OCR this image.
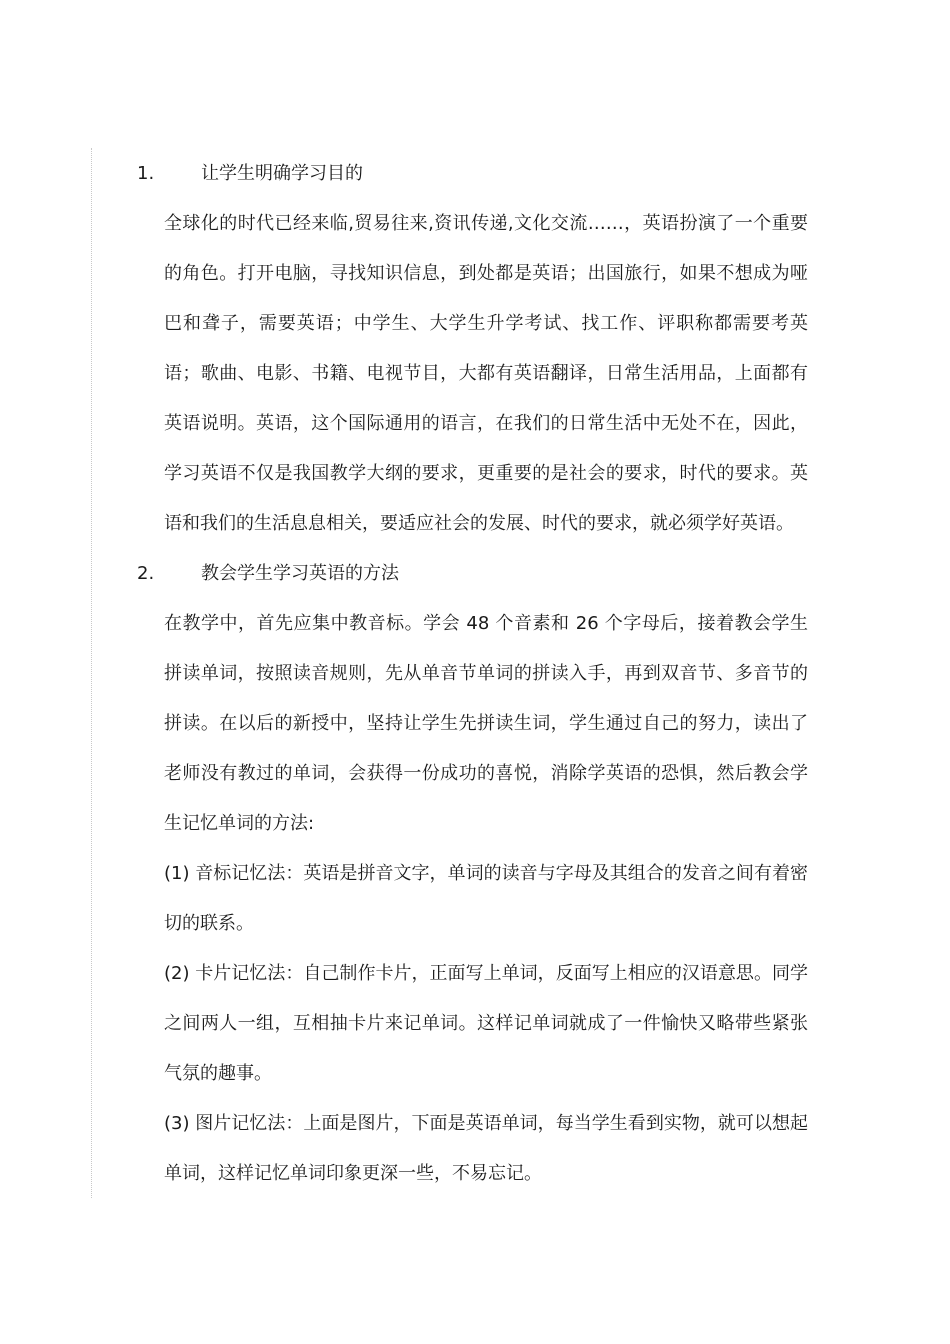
1.	让学生明确学习目的
全球化的时代已经来临,贸易往来,资讯传递,文化交流……，英语扮演了一个重要的角色。打开电脑，寻找知识信息，到处都是英语；出国旅行，如果不想成为哑巴和聋子，需要英语；中学生、大学生升学考试、找工作、评职称都需要考英语；歌曲、电影、书籍、电视节目，大都有英语翻译，日常生活用品，上面都有英语说明。英语，这个国际通用的语言，在我们的日常生活中无处不在，因此，学习英语不仅是我国教学大纲的要求，更重要的是社会的要求，时代的要求。英语和我们的生活息息相关，要适应社会的发展、时代的要求，就必须学好英语。
2.	教会学生学习英语的方法
在教学中，首先应集中教音标。学会 48 个音素和 26 个字母后，接着教会学生拼读单词，按照读音规则，先从单音节单词的拼读入手，再到双音节、多音节的拼读。在以后的新授中，坚持让学生先拼读生词，学生通过自己的努力，读出了老师没有教过的单词，会获得一份成功的喜悦，消除学英语的恐惧，然后教会学生记忆单词的方法:
(1) 音标记忆法：英语是拼音文字，单词的读音与字母及其组合的发音之间有着密切的联系。
(2) 卡片记忆法：自己制作卡片，正面写上单词，反面写上相应的汉语意思。同学之间两人一组，互相抽卡片来记单词。这样记单词就成了一件愉快又略带些紧张气氛的趣事。
(3) 图片记忆法：上面是图片，下面是英语单词，每当学生看到实物，就可以想起单词，这样记忆单词印象更深一些，不易忘记。
